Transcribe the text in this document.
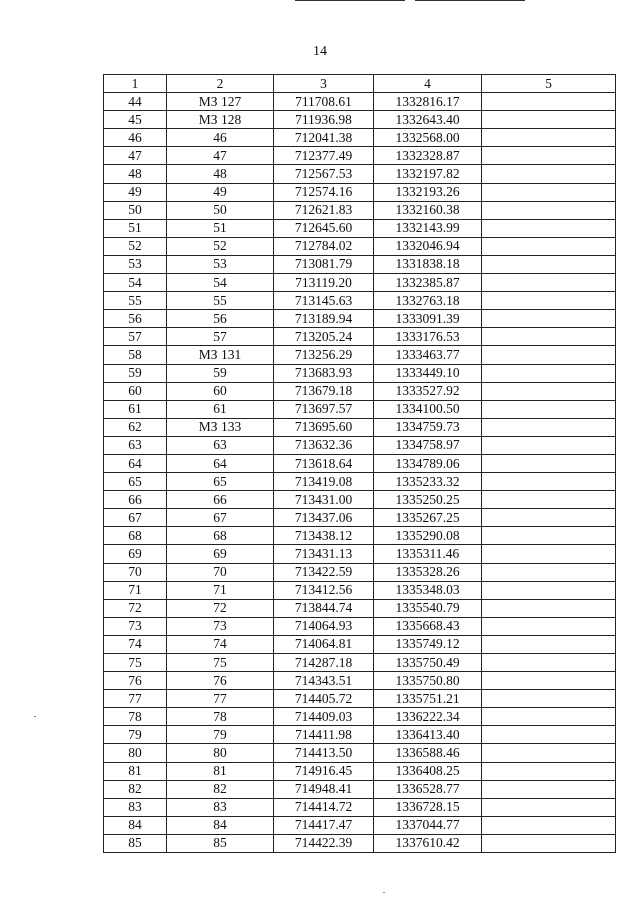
14
1	2	3	4	5
44	МЗ 127	711708.61	1332816.17	
45	МЗ 128	711936.98	1332643.40	
46	46	712041.38	1332568.00	
47	47	712377.49	1332328.87	
48	48	712567.53	1332197.82	
49	49	712574.16	1332193.26	
50	50	712621.83	1332160.38	
51	51	712645.60	1332143.99	
52	52	712784.02	1332046.94	
53	53	713081.79	1331838.18	
54	54	713119.20	1332385.87	
55	55	713145.63	1332763.18	
56	56	713189.94	1333091.39	
57	57	713205.24	1333176.53	
58	МЗ 131	713256.29	1333463.77	
59	59	713683.93	1333449.10	
60	60	713679.18	1333527.92	
61	61	713697.57	1334100.50	
62	МЗ 133	713695.60	1334759.73	
63	63	713632.36	1334758.97	
64	64	713618.64	1334789.06	
65	65	713419.08	1335233.32	
66	66	713431.00	1335250.25	
67	67	713437.06	1335267.25	
68	68	713438.12	1335290.08	
69	69	713431.13	1335311.46	
70	70	713422.59	1335328.26	
71	71	713412.56	1335348.03	
72	72	713844.74	1335540.79	
73	73	714064.93	1335668.43	
74	74	714064.81	1335749.12	
75	75	714287.18	1335750.49	
76	76	714343.51	1335750.80	
77	77	714405.72	1335751.21	
78	78	714409.03	1336222.34	
79	79	714411.98	1336413.40	
80	80	714413.50	1336588.46	
81	81	714916.45	1336408.25	
82	82	714948.41	1336528.77	
83	83	714414.72	1336728.15	
84	84	714417.47	1337044.77	
85	85	714422.39	1337610.42	
